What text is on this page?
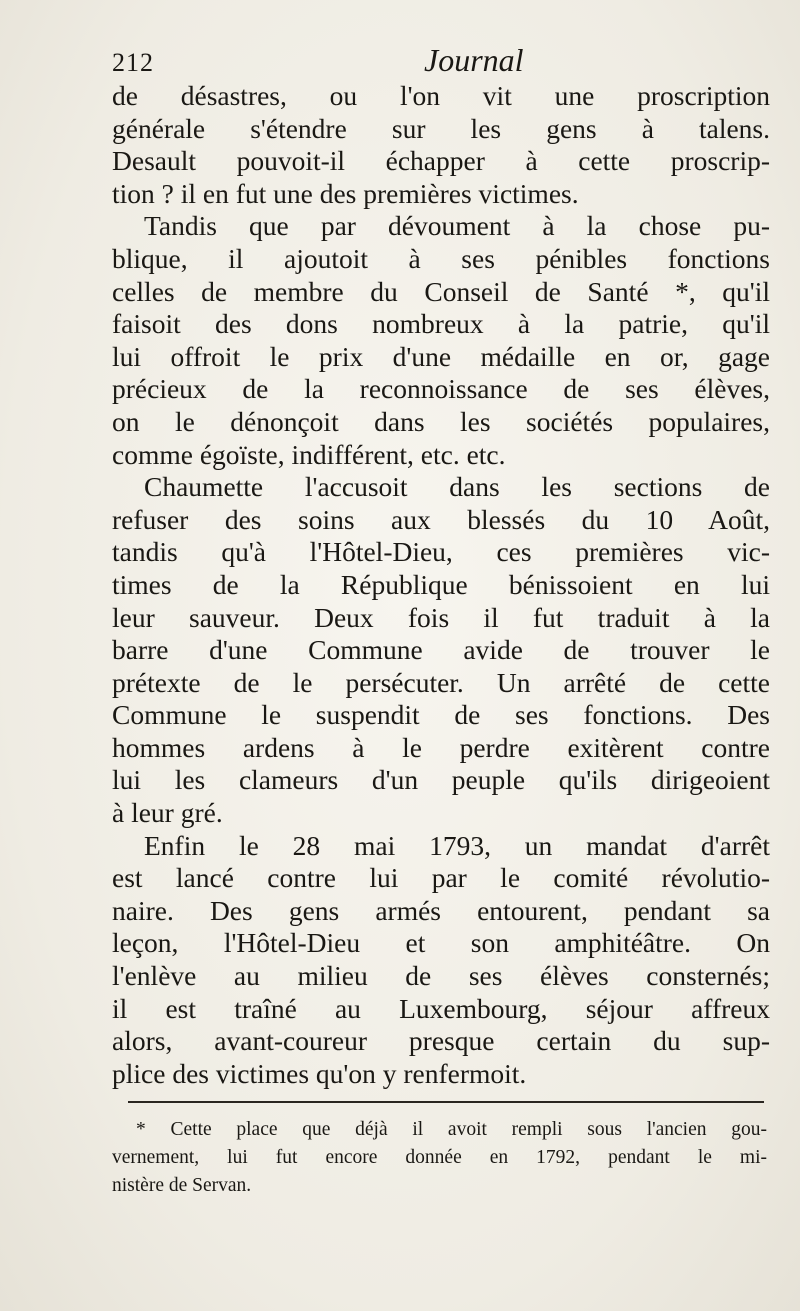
212	Journal
de désastres, ou l'on vit une proscription
générale s'étendre sur les gens à talens.
Desault pouvoit-il échapper à cette proscrip-
tion ? il en fut une des premières victimes.
Tandis que par dévoument à la chose pu-
blique, il ajoutoit à ses pénibles fonctions
celles de membre du Conseil de Santé *, qu'il
faisoit des dons nombreux à la patrie, qu'il
lui offroit le prix d'une médaille en or, gage
précieux de la reconnoissance de ses élèves,
on le dénonçoit dans les sociétés populaires,
comme égoïste, indifférent, etc. etc.
Chaumette l'accusoit dans les sections de
refuser des soins aux blessés du 10 Août,
tandis qu'à l'Hôtel-Dieu, ces premières vic-
times de la République bénissoient en lui
leur sauveur. Deux fois il fut traduit à la
barre d'une Commune avide de trouver le
prétexte de le persécuter. Un arrêté de cette
Commune le suspendit de ses fonctions. Des
hommes ardens à le perdre exitèrent contre
lui les clameurs d'un peuple qu'ils dirigeoient
à leur gré.
Enfin le 28 mai 1793, un mandat d'arrêt
est lancé contre lui par le comité révolutio-
naire. Des gens armés entourent, pendant sa
leçon, l'Hôtel-Dieu et son amphitéâtre. On
l'enlève au milieu de ses élèves consternés;
il est traîné au Luxembourg, séjour affreux
alors, avant-coureur presque certain du sup-
plice des victimes qu'on y renfermoit.
* Cette place que déjà il avoit rempli sous l'ancien gou-
vernement, lui fut encore donnée en 1792, pendant le mi-
nistère de Servan.
